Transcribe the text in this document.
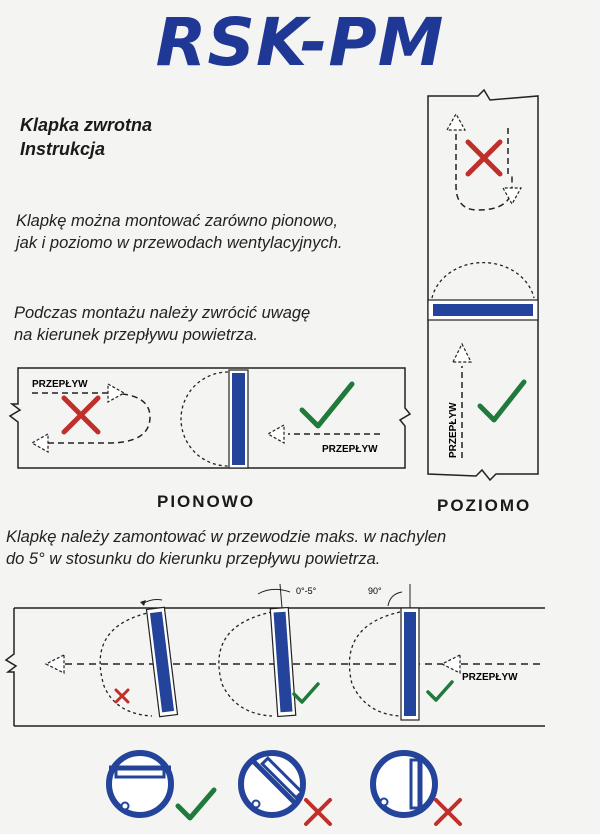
RSK-PM
Klapka zwrotna
Instrukcja
Klapkę można montować zarówno pionowo,
jak i poziomo w przewodach wentylacyjnych.
Podczas montażu należy zwrócić uwagę
na kierunek przepływu powietrza.
Klapkę należy zamontować w przewodzie maks. w nachylen
do 5° w stosunku do kierunku przepływu powietrza.
PIONOWO	POZIOMO
PRZEPŁYW
PRZEPŁYW	PRZEPŁYW
PRZEPŁYW
0°-5°	90°
